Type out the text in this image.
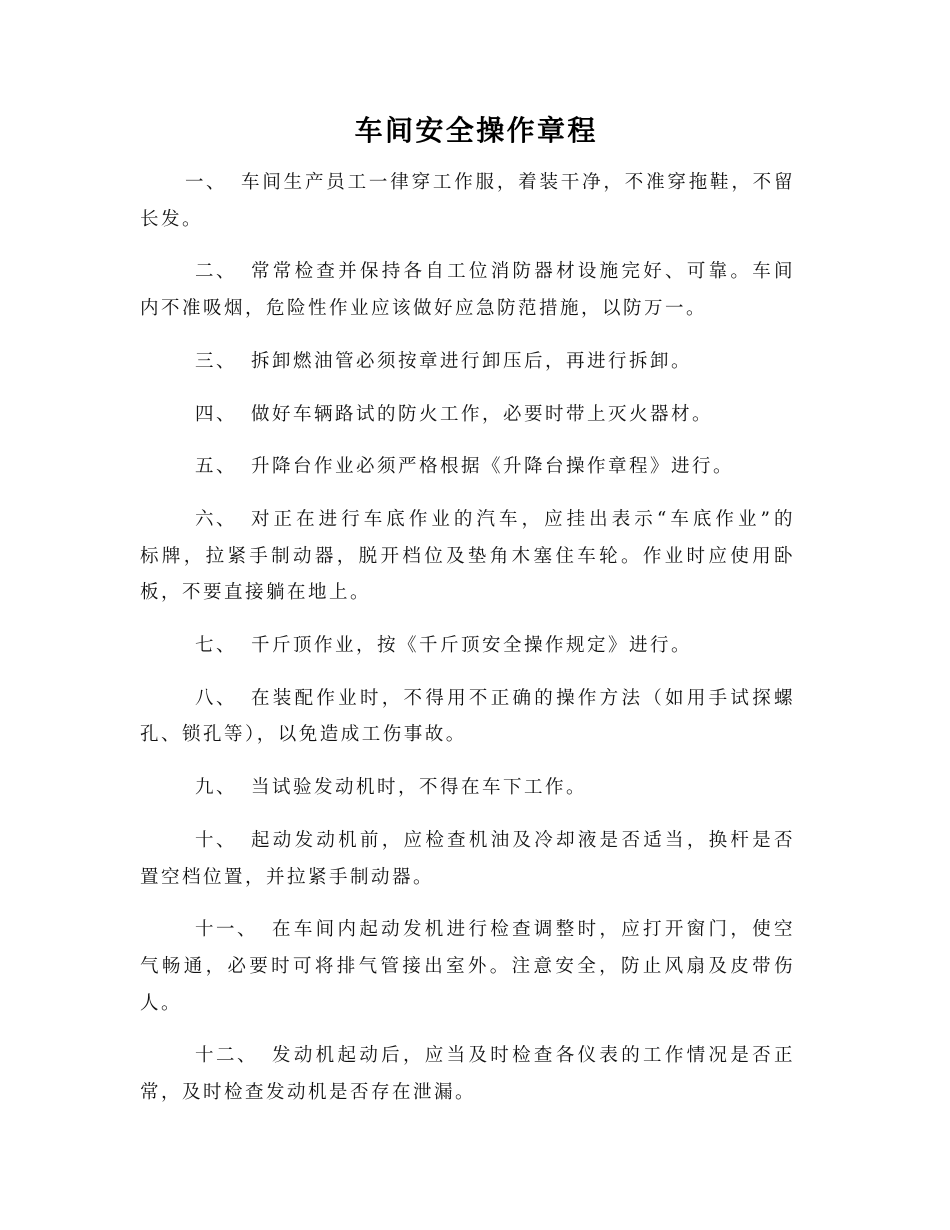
车间安全操作章程
一、 车间生产员工一律穿工作服，着装干净，不准穿拖鞋，不留
长发。
二、 常常检查并保持各自工位消防器材设施完好、可靠。车间
内不准吸烟，危险性作业应该做好应急防范措施，以防万一。
三、 拆卸燃油管必须按章进行卸压后，再进行拆卸。
四、 做好车辆路试的防火工作，必要时带上灭火器材。
五、 升降台作业必须严格根据《升降台操作章程》进行。
六、 对正在进行车底作业的汽车，应挂出表示“车底作业”的
标牌，拉紧手制动器，脱开档位及垫角木塞住车轮。作业时应使用卧
板，不要直接躺在地上。
七、 千斤顶作业，按《千斤顶安全操作规定》进行。
八、 在装配作业时，不得用不正确的操作方法（如用手试探螺
孔、锁孔等），以免造成工伤事故。
九、 当试验发动机时，不得在车下工作。
十、 起动发动机前，应检查机油及冷却液是否适当，换杆是否
置空档位置，并拉紧手制动器。
十一、 在车间内起动发机进行检查调整时，应打开窗门，使空
气畅通，必要时可将排气管接出室外。注意安全，防止风扇及皮带伤
人。
十二、 发动机起动后，应当及时检查各仪表的工作情况是否正
常，及时检查发动机是否存在泄漏。
